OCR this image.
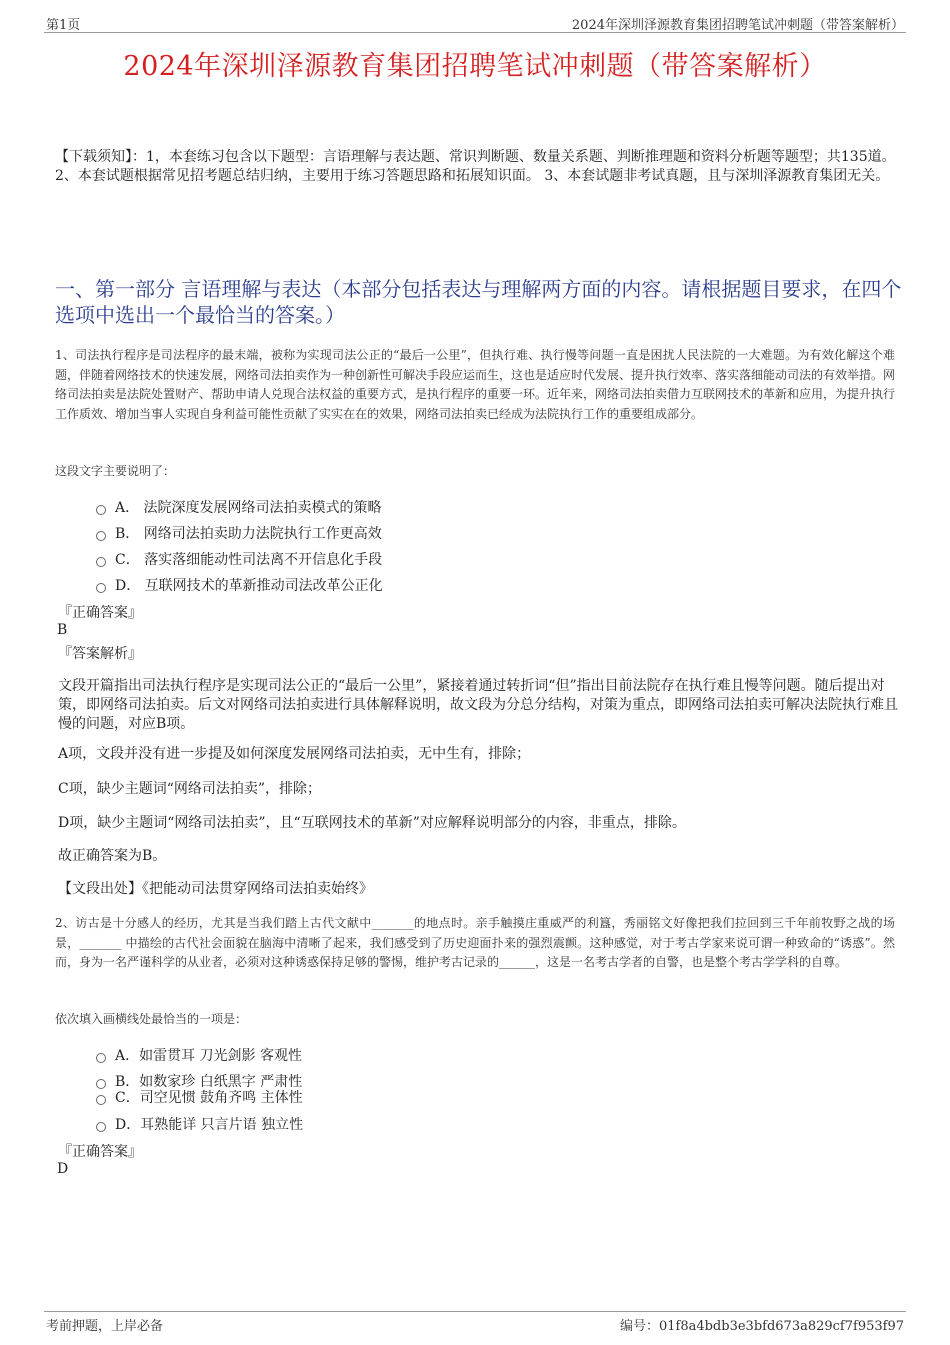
第1页	2024年深圳泽源教育集团招聘笔试冲刺题（带答案解析）
2024年深圳泽源教育集团招聘笔试冲刺题（带答案解析）
【下载须知】：1，本套练习包含以下题型：言语理解与表达题、常识判断题、数量关系题、判断推理题和资料分析题等题型；共135道。 2、本套试题根据常见招考题总结归纳，主要用于练习答题思路和拓展知识面。 3、本套试题非考试真题，且与深圳泽源教育集团无关。
一、第一部分 言语理解与表达（本部分包括表达与理解两方面的内容。请根据题目要求，在四个选项中选出一个最恰当的答案。）
1、司法执行程序是司法程序的最末端，被称为实现司法公正的“最后一公里”，但执行难、执行慢等问题一直是困扰人民法院的一大难题。为有效化解这个难题，伴随着网络技术的快速发展，网络司法拍卖作为一种创新性可解决手段应运而生，这也是适应时代发展、提升执行效率、落实落细能动司法的有效举措。网络司法拍卖是法院处置财产、帮助申请人兑现合法权益的重要方式，是执行程序的重要一环。近年来，网络司法拍卖借力互联网技术的革新和应用，为提升执行工作质效、增加当事人实现自身利益可能性贡献了实实在在的效果，网络司法拍卖已经成为法院执行工作的重要组成部分。
这段文字主要说明了：
A． 法院深度发展网络司法拍卖模式的策略
B． 网络司法拍卖助力法院执行工作更高效
C． 落实落细能动性司法离不开信息化手段
D． 互联网技术的革新推动司法改革公正化
『正确答案』
B
『答案解析』
文段开篇指出司法执行程序是实现司法公正的“最后一公里”，紧接着通过转折词“但”指出目前法院存在执行难且慢等问题。随后提出对策，即网络司法拍卖。后文对网络司法拍卖进行具体解释说明，故文段为分总分结构，对策为重点，即网络司法拍卖可解决法院执行难且慢的问题，对应B项。
A项，文段并没有进一步提及如何深度发展网络司法拍卖，无中生有，排除；
C项，缺少主题词“网络司法拍卖”，排除；
D项，缺少主题词“网络司法拍卖”，且“互联网技术的革新”对应解释说明部分的内容，非重点，排除。
故正确答案为B。
【文段出处】《把能动司法贯穿网络司法拍卖始终》
2、访古是十分感人的经历，尤其是当我们踏上古代文献中_______的地点时。亲手触摸庄重威严的利簋，秀丽铭文好像把我们拉回到三千年前牧野之战的场景，_______ 中描绘的古代社会面貌在脑海中清晰了起来，我们感受到了历史迎面扑来的强烈震颤。这种感觉，对于考古学家来说可谓一种致命的“诱惑”。然而，身为一名严谨科学的从业者，必须对这种诱惑保持足够的警惕，维护考古记录的______，这是一名考古学者的自警，也是整个考古学学科的自尊。
依次填入画横线处最恰当的一项是：
A．如雷贯耳 刀光剑影 客观性
B．如数家珍 白纸黑字 严肃性
C．司空见惯 鼓角齐鸣 主体性
D．耳熟能详 只言片语 独立性
『正确答案』
D
考前押题，上岸必备	编号：01f8a4bdb3e3bfd673a829cf7f953f97
